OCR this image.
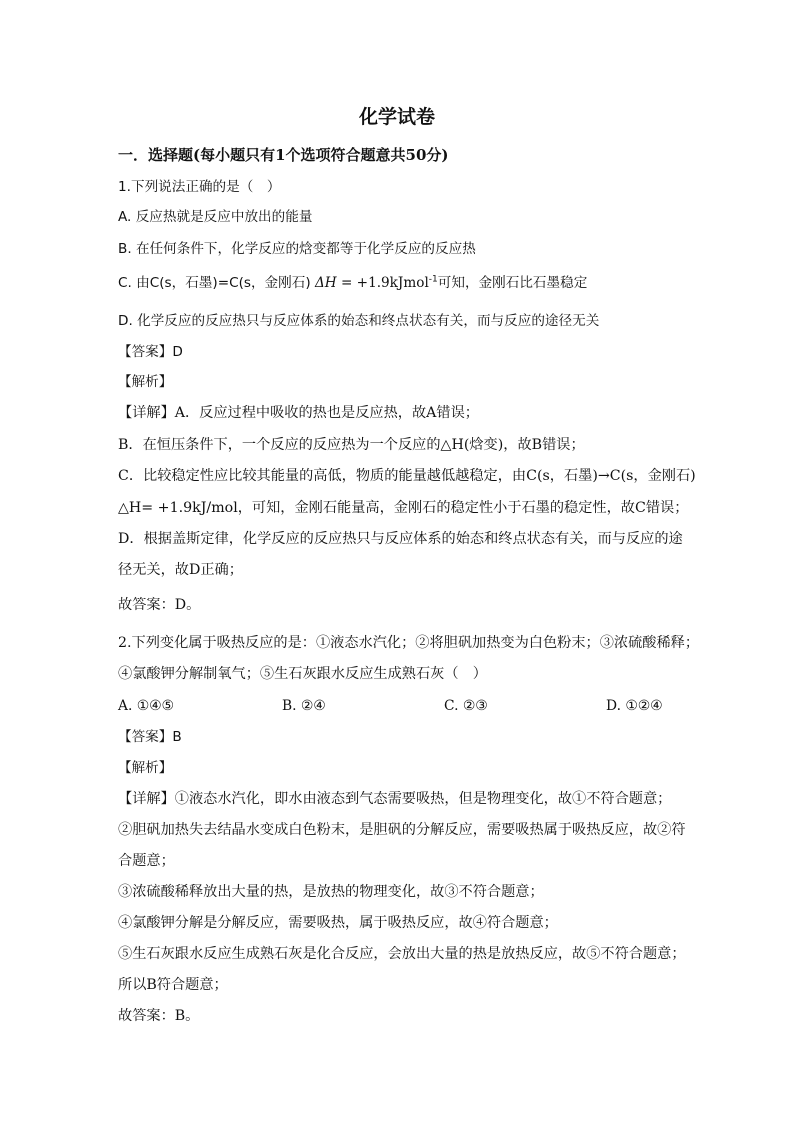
化学试卷
一．选择题(每小题只有1个选项符合题意共50分)
1.下列说法正确的是（　）
A. 反应热就是反应中放出的能量
B. 在任何条件下，化学反应的焓变都等于化学反应的反应热
C. 由C(s，石墨)=C(s，金刚石) ΔH = +1.9kJmol$^{-1}$可知，金刚石比石墨稳定
D. 化学反应的反应热只与反应体系的始态和终点状态有关，而与反应的途径无关
【答案】D
【解析】
【详解】A．反应过程中吸收的热也是反应热，故A错误；
B．在恒压条件下，一个反应的反应热为一个反应的△H(焓变)，故B错误；
C．比较稳定性应比较其能量的高低，物质的能量越低越稳定，由C(s，石墨)→C(s，金刚石)
△H= +1.9kJ/mol，可知，金刚石能量高，金刚石的稳定性小于石墨的稳定性，故C错误；
D．根据盖斯定律，化学反应的反应热只与反应体系的始态和终点状态有关，而与反应的途
径无关，故D正确；
故答案：D。
2.下列变化属于吸热反应的是：①液态水汽化；②将胆矾加热变为白色粉末；③浓硫酸稀释；
④氯酸钾分解制氧气；⑤生石灰跟水反应生成熟石灰（　）
A. ①④⑤	B. ②④	C. ②③	D. ①②④
【答案】B
【解析】
【详解】①液态水汽化，即水由液态到气态需要吸热，但是物理变化，故①不符合题意；
②胆矾加热失去结晶水变成白色粉末，是胆矾的分解反应，需要吸热属于吸热反应，故②符
合题意；
③浓硫酸稀释放出大量的热，是放热的物理变化，故③不符合题意；
④氯酸钾分解是分解反应，需要吸热，属于吸热反应，故④符合题意；
⑤生石灰跟水反应生成熟石灰是化合反应，会放出大量的热是放热反应，故⑤不符合题意；
所以B符合题意；
故答案：B。
